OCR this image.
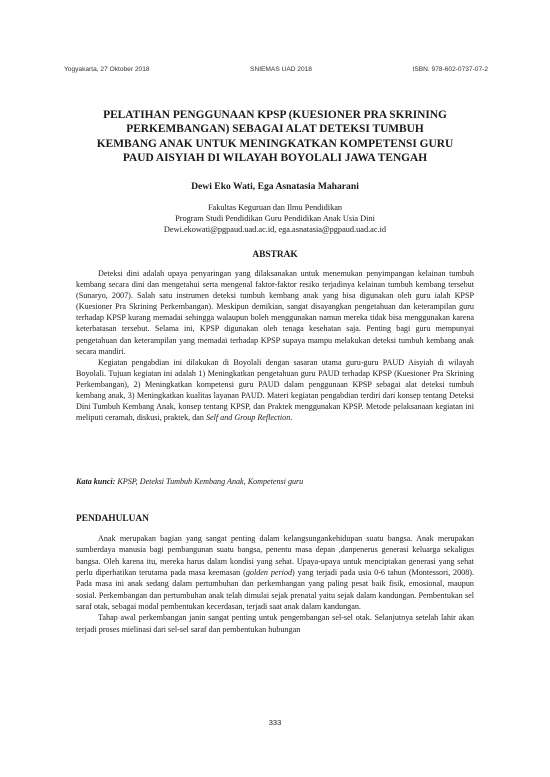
Yogyakarta, 27 Oktober 2018	SNIEMAS UAD 2018	ISBN. 978-602-0737-07-2
PELATIHAN PENGGUNAAN KPSP (KUESIONER PRA SKRINING
PERKEMBANGAN) SEBAGAI ALAT DETEKSI TUMBUH
KEMBANG ANAK UNTUK MENINGKATKAN KOMPETENSI GURU
PAUD AISYIAH DI WILAYAH BOYOLALI JAWA TENGAH
Dewi Eko Wati, Ega Asnatasia Maharani
Fakultas Keguruan dan Ilmu Pendidikan
Program Studi Pendidikan Guru Pendidikan Anak Usia Dini
Dewi.ekowati@pgpaud.uad.ac.id, ega.asnatasia@pgpaud.uad.ac.id
ABSTRAK

Deteksi dini adalah upaya penyaringan yang dilaksanakan untuk menemukan penyimpangan kelainan tumbuh kembang secara dini dan mengetahui serta mengenal faktor-faktor resiko terjadinya kelainan tumbuh kembang tersebut (Sunaryo, 2007). Salah satu instrumen deteksi tumbuh kembang anak yang bisa digunakan oleh guru ialah KPSP (Kuesioner Pra Skrining Perkembangan). Meskipun demikian, sangat disayangkan pengetahuan dan keterampilan guru terhadap KPSP kurang memadai sehingga walaupun boleh menggunakan namun mereka tidak bisa menggunakan karena keterbatasan tersebut. Selama ini, KPSP digunakan oleh tenaga kesehatan saja. Penting bagi guru mempunyai pengetahuan dan keterampilan yang memadai terhadap KPSP supaya mampu melakukan deteksi tumbuh kembang anak secara mandiri.

Kegiatan pengabdian ini dilakukan di Boyolali dengan sasaran utama guru-guru PAUD Aisyiah di wilayah Boyolali. Tujuan kegiatan ini adalah 1) Meningkatkan pengetahuan guru PAUD terhadap KPSP (Kuesioner Pra Skrining Perkembangan), 2) Meningkatkan kompetensi guru PAUD dalam penggunaan KPSP sebagai alat deteksi tumbuh kembang anak, 3) Meningkatkan kualitas layanan PAUD. Materi kegiatan pengabdian terdiri dari konsep tentang Deteksi Dini Tumbuh Kembang Anak, konsep tentang KPSP, dan Praktek menggunakan KPSP. Metode pelaksanaan kegiatan ini meliputi ceramah, diskusi, praktek, dan Self and Group Reflection.

Kata kunci: KPSP, Deteksi Tumbuh Kembang Anak, Kompetensi guru
PENDAHULUAN

Anak merupakan bagian yang sangat penting dalam kelangsungankehidupan suatu bangsa. Anak merupakan sumberdaya manusia bagi pembangunan suatu bangsa, penentu masa depan ,danpenerus generasi keluarga sekaligus bangsa. Oleh karena itu, mereka harus dalam kondisi yang sehat. Upaya-upaya untuk menciptakan generasi yang sehat perlu diperhatikan terutama pada masa keemasan (golden period) yang terjadi pada usia 0-6 tahun (Montessori, 2008). Pada masa ini anak sedang dalam pertumbuhan dan perkembangan yang paling pesat baik fisik, emosional, maupun sosial. Perkembangan dan pertumbuhan anak telah dimulai sejak prenatal yaitu sejak dalam kandungan. Pembentukan sel saraf otak, sebagai modal pembentukan kecerdasan, terjadi saat anak dalam kandungan.

Tahap awal perkembangan janin sangat penting untuk pengembangan sel-sel otak. Selanjutnya setelah lahir akan terjadi proses mielinasi dari sel-sel saraf dan pembentukan hubungan

333
